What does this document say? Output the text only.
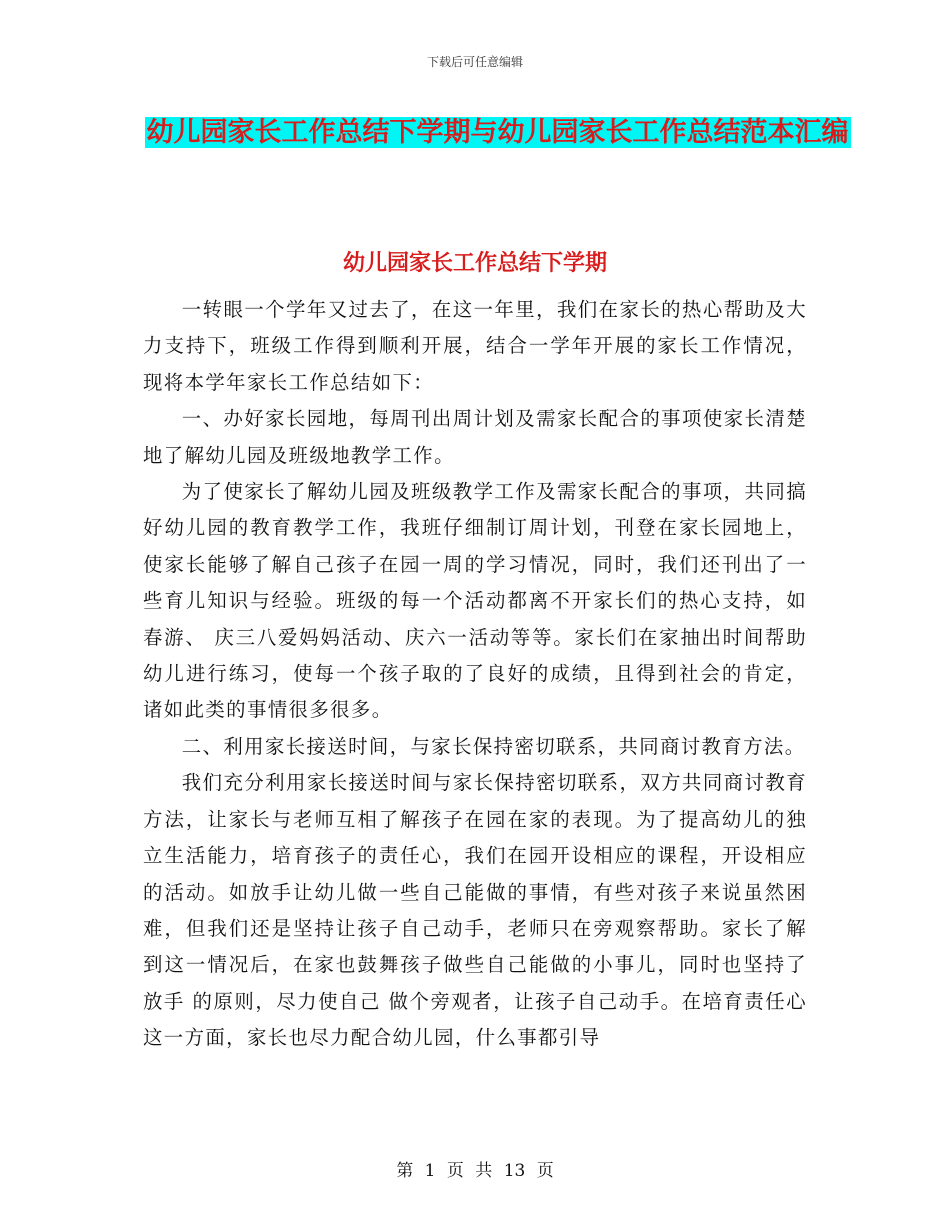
下载后可任意编辑
幼儿园家长工作总结下学期与幼儿园家长工作总结范本汇编
幼儿园家长工作总结下学期

一转眼一个学年又过去了，在这一年里，我们在家长的热心帮助及大力支持下，班级工作得到顺利开展，结合一学年开展的家长工作情况，现将本学年家长工作总结如下：

一、办好家长园地，每周刊出周计划及需家长配合的事项使家长清楚地了解幼儿园及班级地教学工作。

为了使家长了解幼儿园及班级教学工作及需家长配合的事项，共同搞好幼儿园的教育教学工作，我班仔细制订周计划，刊登在家长园地上，使家长能够了解自己孩子在园一周的学习情况，同时，我们还刊出了一些育儿知识与经验。班级的每一个活动都离不开家长们的热心支持，如春游、 庆三八爱妈妈活动、庆六一活动等等。家长们在家抽出时间帮助幼儿进行练习，使每一个孩子取的了良好的成绩，且得到社会的肯定，诸如此类的事情很多很多。

二、利用家长接送时间，与家长保持密切联系，共同商讨教育方法。

我们充分利用家长接送时间与家长保持密切联系，双方共同商讨教育方法，让家长与老师互相了解孩子在园在家的表现。为了提高幼儿的独立生活能力，培育孩子的责任心，我们在园开设相应的课程，开设相应的活动。如放手让幼儿做一些自己能做的事情，有些对孩子来说虽然困难，但我们还是坚持让孩子自己动手，老师只在旁观察帮助。家长了解到这一情况后，在家也鼓舞孩子做些自己能做的小事儿，同时也坚持了放手 的原则，尽力使自己 做个旁观者，让孩子自己动手。在培育责任心这一方面，家长也尽力配合幼儿园，什么事都引导

第 1 页 共 13 页
